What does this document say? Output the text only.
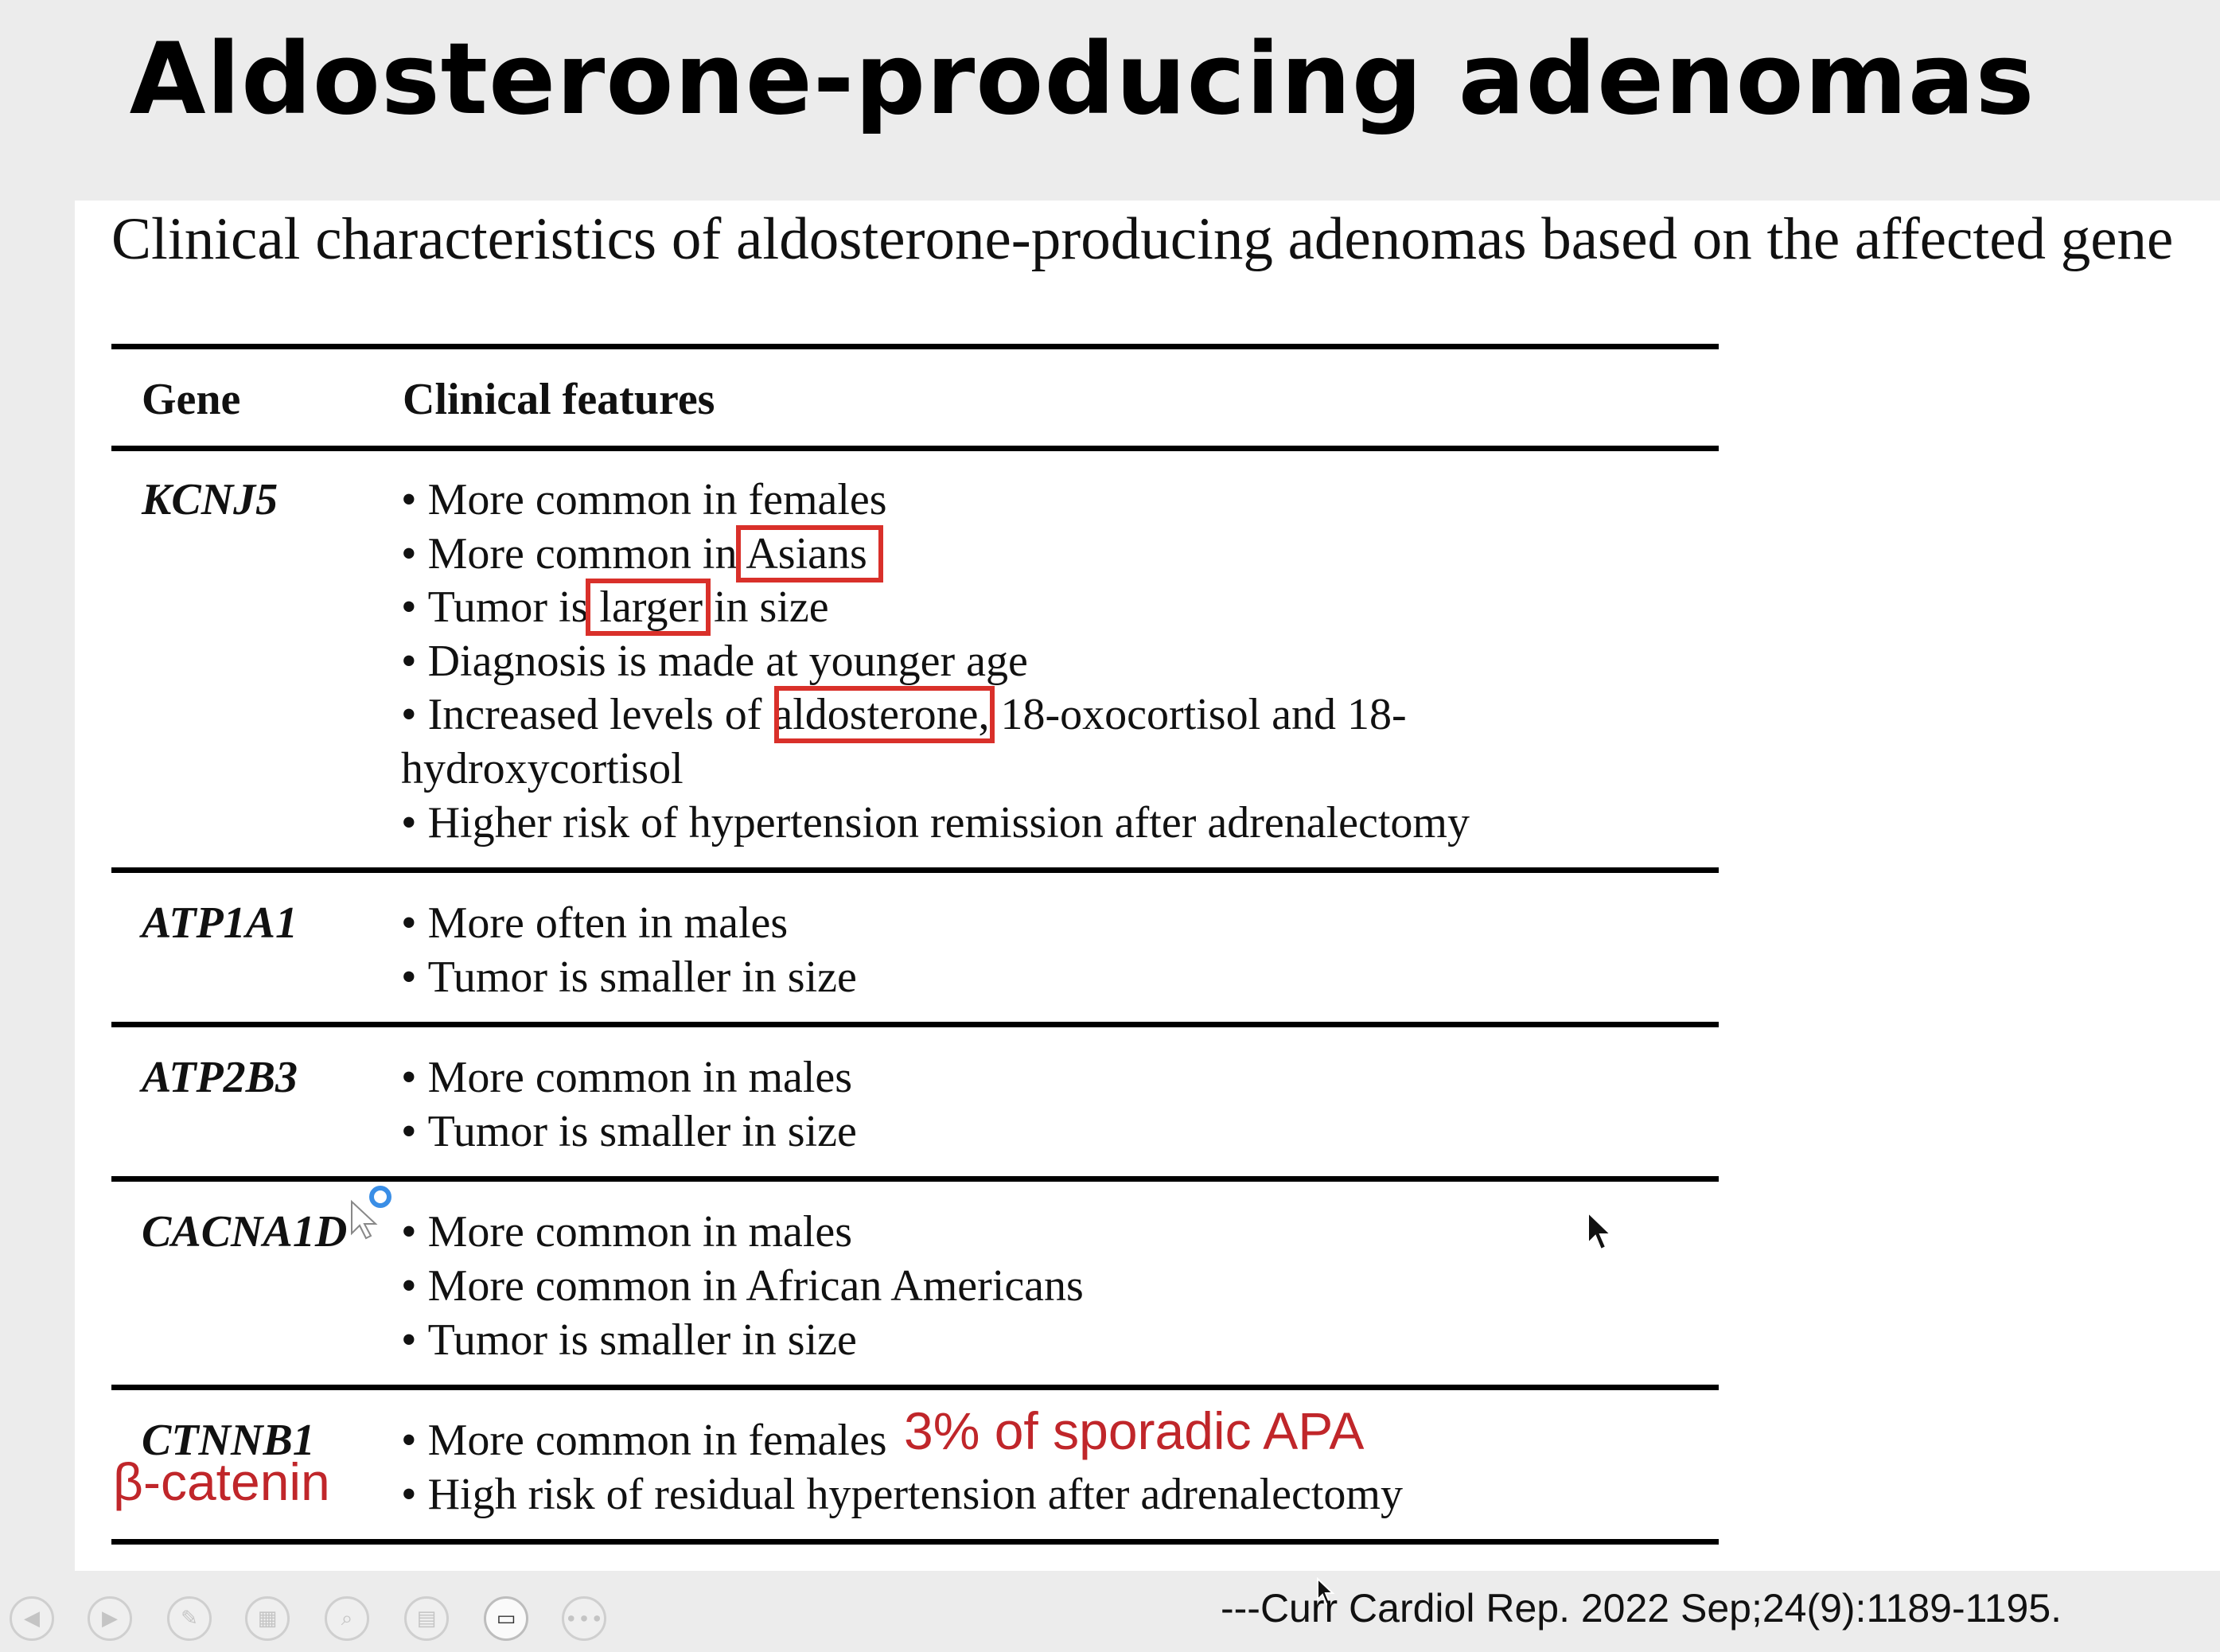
Aldosterone-producing adenomas
Clinical characteristics of aldosterone-producing adenomas based on the affected gene
Gene	Clinical features
KCNJ5	• More common in females
• More common in Asians
• Tumor is larger in size
• Diagnosis is made at younger age
• Increased levels of aldosterone, 18-oxocortisol and 18-
hydroxycortisol
• Higher risk of hypertension remission after adrenalectomy
ATP1A1	• More often in males
• Tumor is smaller in size
ATP2B3	• More common in males
• Tumor is smaller in size
CACNA1D	• More common in males
• More common in African Americans
• Tumor is smaller in size
CTNNB1	• More common in females
• High risk of residual hypertension after adrenalectomy
3% of sporadic APA
β-catenin
---Curr Cardiol Rep. 2022 Sep;24(9):1189-1195.
◀	▶	✎	▦	⌕	▤	▭ ∙∙∙
